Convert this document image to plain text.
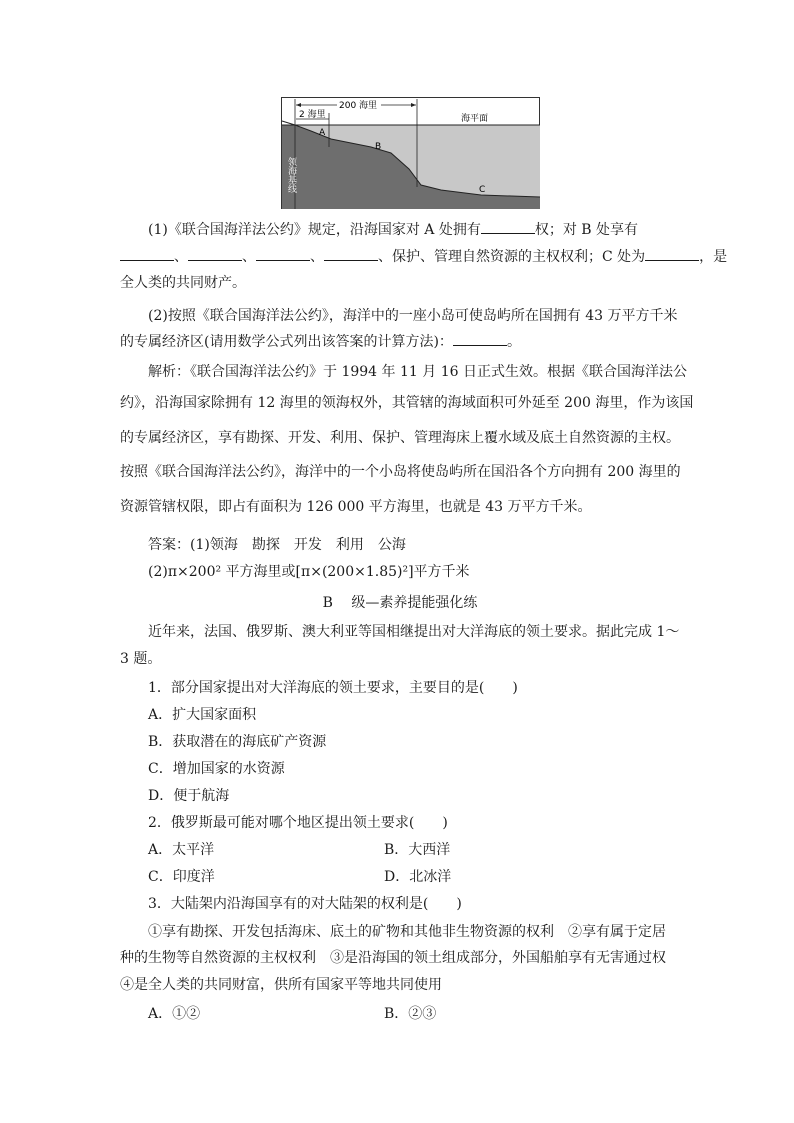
200 海里
2 海里	海平面
A
B
C
领海基线
(1)《联合国海洋法公约》规定，沿海国家对 A 处拥有	权；对 B 处享有
、	、	、	、保护、管理自然资源的主权权利；C 处为	，是
全人类的共同财产。
(2)按照《联合国海洋法公约》，海洋中的一座小岛可使岛屿所在国拥有 43 万平方千米
的专属经济区(请用数学公式列出该答案的计算方法)：	。
解析：《联合国海洋法公约》于 1994 年 11 月 16 日正式生效。根据《联合国海洋法公
约》，沿海国家除拥有 12 海里的领海权外，其管辖的海域面积可外延至 200 海里，作为该国
的专属经济区，享有勘探、开发、利用、保护、管理海床上覆水域及底土自然资源的主权。
按照《联合国海洋法公约》，海洋中的一个小岛将使岛屿所在国沿各个方向拥有 200 海里的
资源管辖权限，即占有面积为 126 000 平方海里，也就是 43 万平方千米。
答案：(1)领海　勘探　开发　利用　公海
(2)π×200² 平方海里或[π×(200×1.85)²]平方千米
B　 级—素养提能强化练
近年来，法国、俄罗斯、澳大利亚等国相继提出对大洋海底的领土要求。据此完成 1～
3 题。
1．部分国家提出对大洋海底的领土要求，主要目的是(　　)
A．扩大国家面积
B．获取潜在的海底矿产资源
C．增加国家的水资源
D．便于航海
2．俄罗斯最可能对哪个地区提出领土要求(　　)
A．太平洋	B．大西洋
C．印度洋	D．北冰洋
3．大陆架内沿海国享有的对大陆架的权利是(　　)
①享有勘探、开发包括海床、底土的矿物和其他非生物资源的权利　②享有属于定居
种的生物等自然资源的主权权利　③是沿海国的领土组成部分，外国船舶享有无害通过权
④是全人类的共同财富，供所有国家平等地共同使用
A．①②	B．②③
